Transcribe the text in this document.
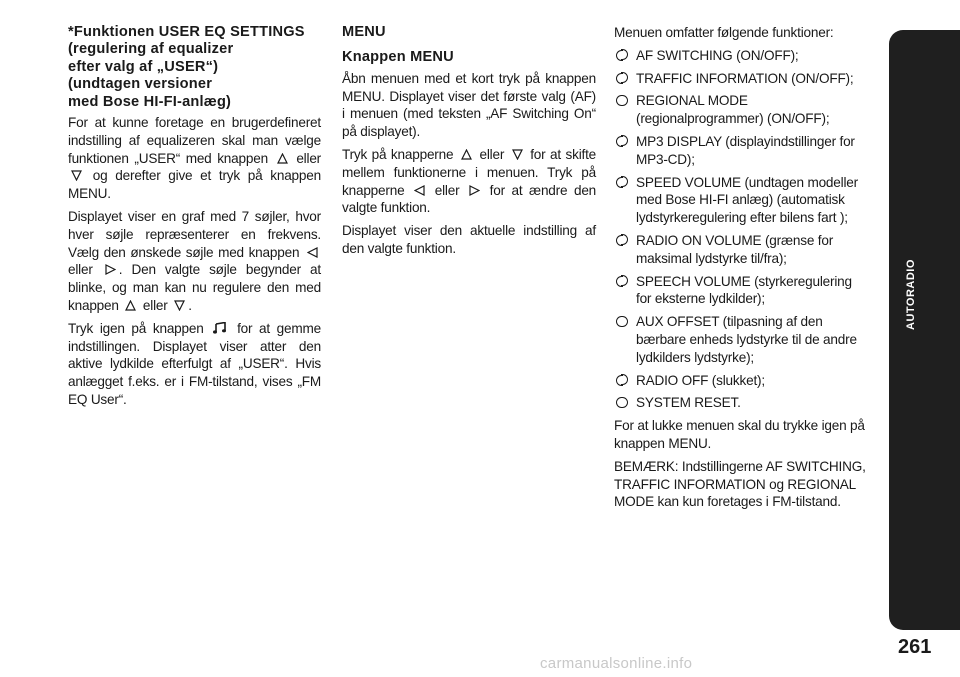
*Funktionen USER EQ SETTINGS

(regulering af equalizer

efter valg af „USER“)

(undtagen versioner

med Bose HI-FI-anlæg)

For at kunne foretage en brugerdefineret indstilling af equalizeren skal man vælge funktionen „USER“ med knappen eller  og derefter give et tryk på knappen MENU.

Displayet viser en graf med 7 søjler, hvor hver søjle repræsenterer en frekvens. Vælg den ønskede søjle med knappen  eller . Den valgte søjle begynder at blinke, og man kan nu regulere den med knappen eller .

Tryk igen på knappen for at gemme indstillingen. Displayet viser atter den aktive lydkilde efterfulgt af „USER“. Hvis anlægget f.eks. er i FM-tilstand, vises „FM EQ User“.

MENU

Knappen MENU

Åbn menuen med et kort tryk på knappen MENU. Displayet viser det første valg (AF) i menuen (med teksten „AF Switching On“ på displayet).

Tryk på knapperne eller for at skifte mellem funktionerne i menuen. Tryk på knapperne eller for at ændre den valgte funktion.

Displayet viser den aktuelle indstilling af den valgte funktion.

Menuen omfatter følgende funktioner:

AF SWITCHING (ON/OFF);
TRAFFIC INFORMATION (ON/OFF);
REGIONAL MODE (regionalprogrammer) (ON/OFF);
MP3 DISPLAY (displayindstillinger for MP3-CD);
SPEED VOLUME (undtagen modeller med Bose HI-FI anlæg) (automatisk lydstyrkeregulering efter bilens fart );
RADIO ON VOLUME (grænse for maksimal lydstyrke til/fra);
SPEECH VOLUME (styrkeregulering for eksterne lydkilder);
AUX OFFSET (tilpasning af den bærbare enheds lydstyrke til de andre lydkilders lydstyrke);
RADIO OFF (slukket);
SYSTEM RESET.

For at lukke menuen skal du trykke igen på knappen MENU.

BEMÆRK: Indstillingerne AF SWITCHING, TRAFFIC INFORMATION og REGIONAL MODE kan kun foretages i FM-tilstand.

261
carmanualsonline.info
